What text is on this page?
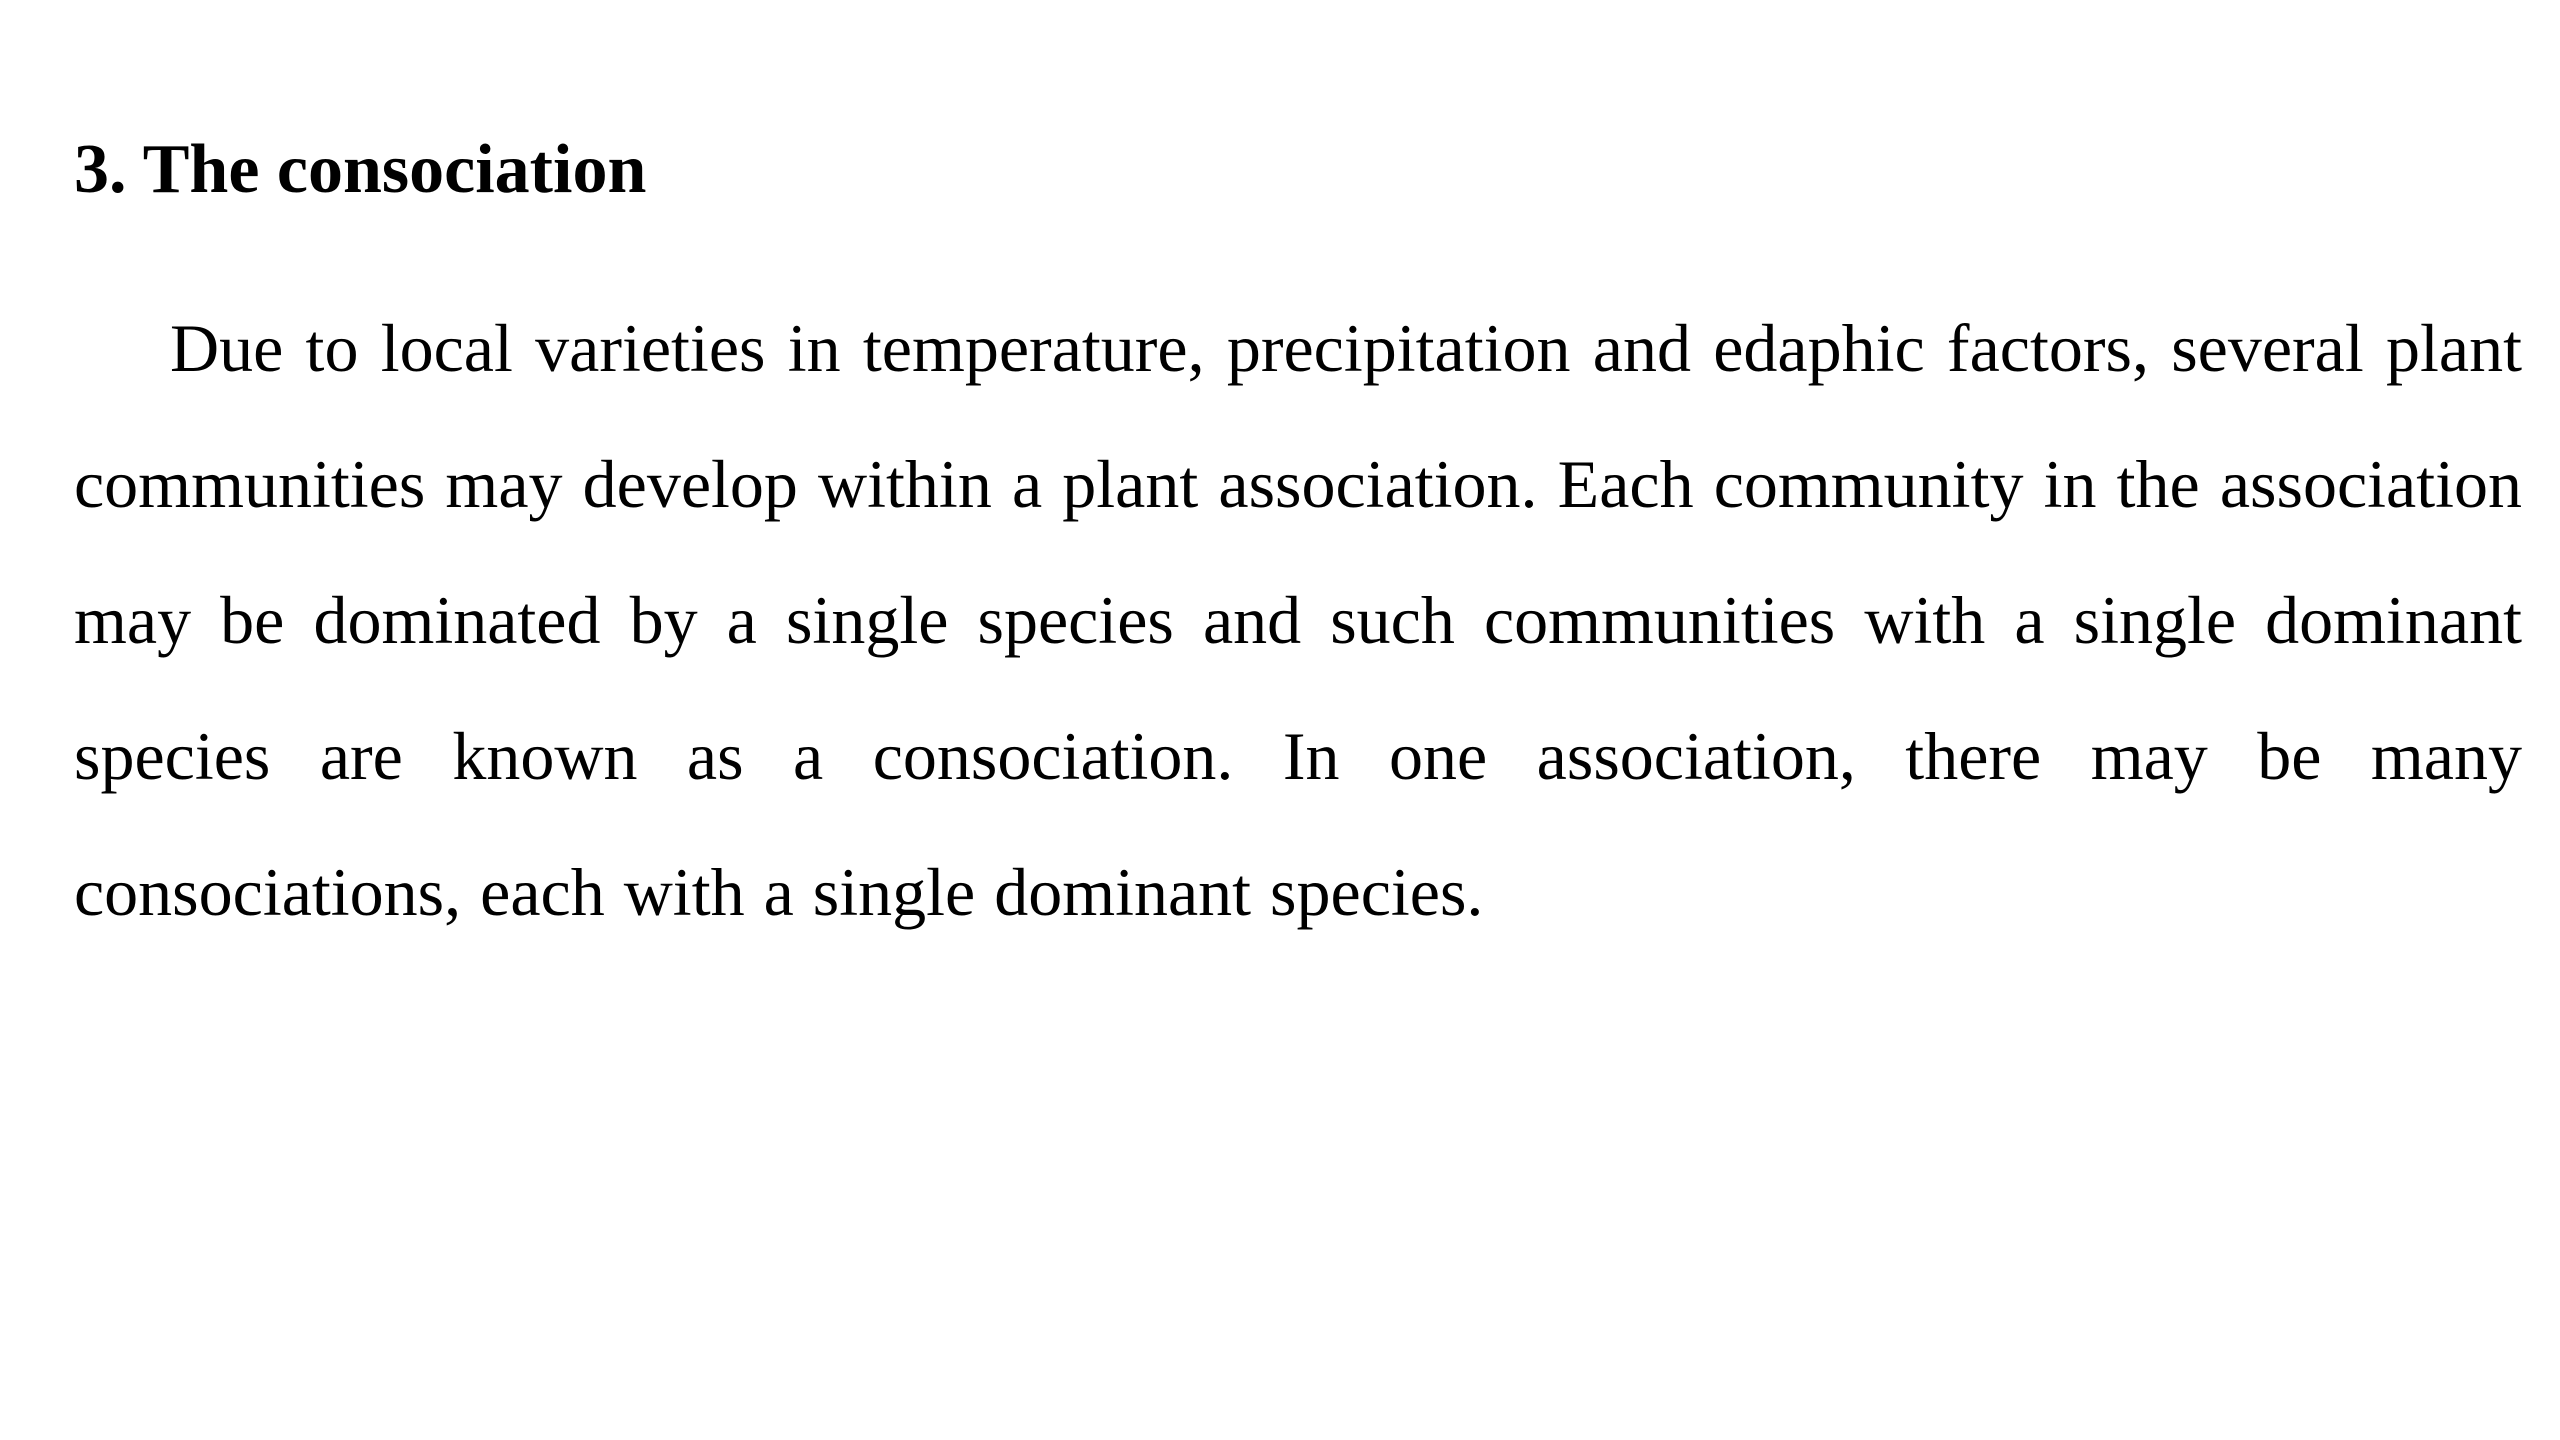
3. The consociation

Due to local varieties in temperature, precipitation and edaphic factors, several plant communities may develop within a plant association. Each community in the association may be dominated by a single species and such communities with a single dominant species are known as a consociation. In one association, there may be many consociations, each with a single dominant species.
